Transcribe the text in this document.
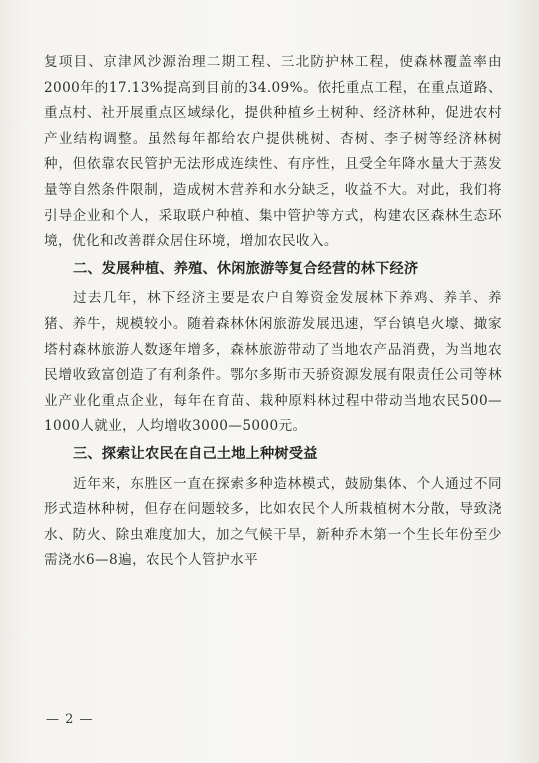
复项目、京津风沙源治理二期工程、三北防护林工程，使森林覆盖率由2000年的17.13%提高到目前的34.09%。依托重点工程，在重点道路、重点村、社开展重点区域绿化，提供种植乡土树种、经济林种，促进农村产业结构调整。虽然每年都给农户提供桃树、杏树、李子树等经济林树种，但依靠农民管护无法形成连续性、有序性，且受全年降水量大于蒸发量等自然条件限制，造成树木营养和水分缺乏，收益不大。对此，我们将引导企业和个人，采取联户种植、集中管护等方式，构建农区森林生态环境，优化和改善群众居住环境，增加农民收入。

二、发展种植、养殖、休闲旅游等复合经营的林下经济

过去几年，林下经济主要是农户自筹资金发展林下养鸡、养羊、养猪、养牛，规模较小。随着森林休闲旅游发展迅速，罕台镇皂火壕、撖家塔村森林旅游人数逐年增多，森林旅游带动了当地农产品消费，为当地农民增收致富创造了有利条件。鄂尔多斯市天骄资源发展有限责任公司等林业产业化重点企业，每年在育苗、栽种原料林过程中带动当地农民500—1000人就业，人均增收3000—5000元。

三、探索让农民在自己土地上种树受益

近年来，东胜区一直在探索多种造林模式，鼓励集体、个人通过不同形式造林种树，但存在问题较多，比如农民个人所栽植树木分散，导致浇水、防火、除虫难度加大，加之气候干旱，新种乔木第一个生长年份至少需浇水6—8遍，农民个人管护水平

— 2 —
